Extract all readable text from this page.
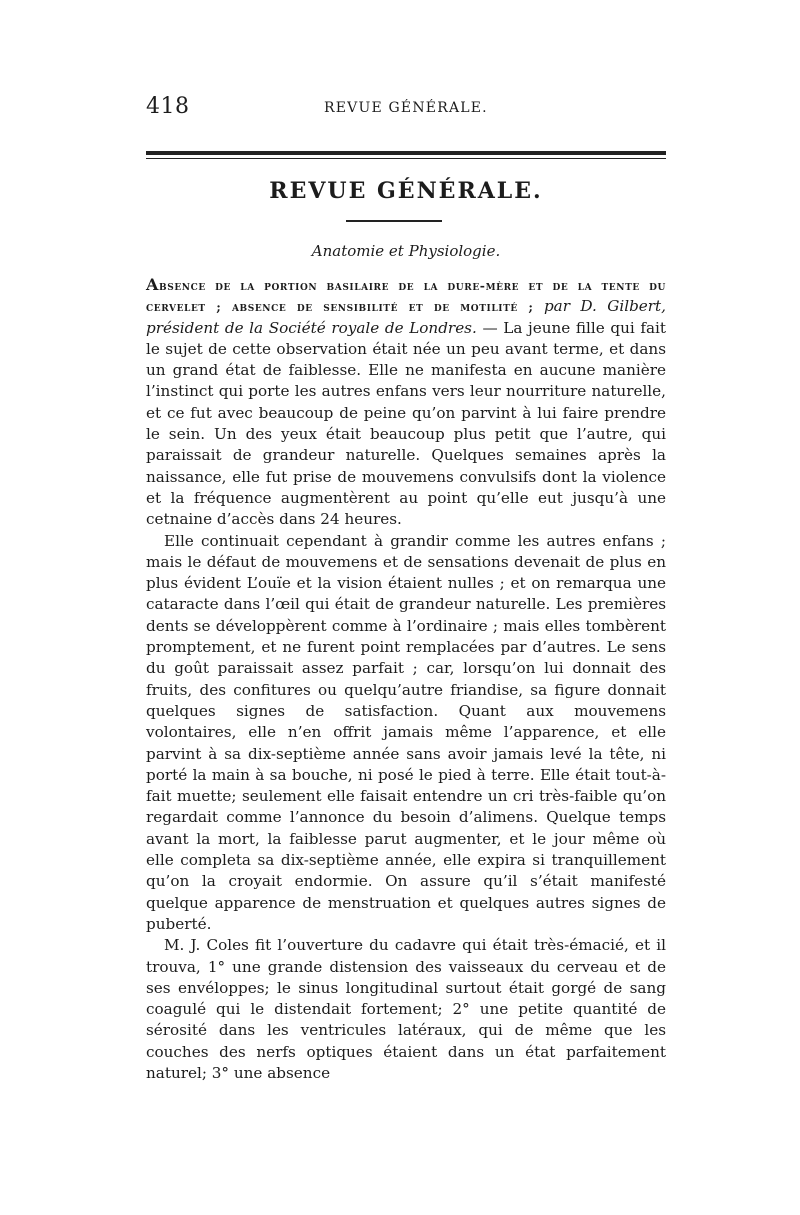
418	REVUE GÉNÉRALE.
REVUE GÉNÉRALE.
Anatomie et Physiologie.

Absence de la portion basilaire de la dure-mère et de la tente du cervelet ; absence de sensibilité et de motilité ; par D. Gilbert, président de la Société royale de Londres. — La jeune fille qui fait le sujet de cette observation était née un peu avant terme, et dans un grand état de faiblesse. Elle ne manifesta en aucune manière l’instinct qui porte les autres enfans vers leur nourriture naturelle, et ce fut avec beaucoup de peine qu’on parvint à lui faire prendre le sein. Un des yeux était beaucoup plus petit que l’autre, qui paraissait de grandeur naturelle. Quelques semaines après la naissance, elle fut prise de mouvemens convulsifs dont la violence et la fréquence augmentèrent au point qu’elle eut jusqu’à une cetnaine d’accès dans 24 heures.

Elle continuait cependant à grandir comme les autres enfans ; mais le défaut de mouvemens et de sensations devenait de plus en plus évident L’ouïe et la vision étaient nulles ; et on remarqua une cataracte dans l’œil qui était de grandeur naturelle. Les premières dents se développèrent comme à l’ordinaire ; mais elles tombèrent promptement, et ne furent point remplacées par d’autres. Le sens du goût paraissait assez parfait ; car, lorsqu’on lui donnait des fruits, des confitures ou quelqu’autre friandise, sa figure donnait quelques signes de satisfaction. Quant aux mouvemens volontaires, elle n’en offrit jamais même l’apparence, et elle parvint à sa dix-septième année sans avoir jamais levé la tête, ni porté la main à sa bouche, ni posé le pied à terre. Elle était tout-à-fait muette; seulement elle faisait entendre un cri très-faible qu’on regardait comme l’annonce du besoin d’alimens. Quelque temps avant la mort, la faiblesse parut augmenter, et le jour même où elle completa sa dix-septième année, elle expira si tranquillement qu’on la croyait endormie. On assure qu’il s’était manifesté quelque apparence de menstruation et quelques autres signes de puberté.

M. J. Coles fit l’ouverture du cadavre qui était très-émacié, et il trouva, 1° une grande distension des vaisseaux du cerveau et de ses envéloppes; le sinus longitudinal surtout était gorgé de sang coagulé qui le distendait fortement; 2° une petite quantité de sérosité dans les ventricules latéraux, qui de même que les couches des nerfs optiques étaient dans un état parfaitement naturel; 3° une absence
